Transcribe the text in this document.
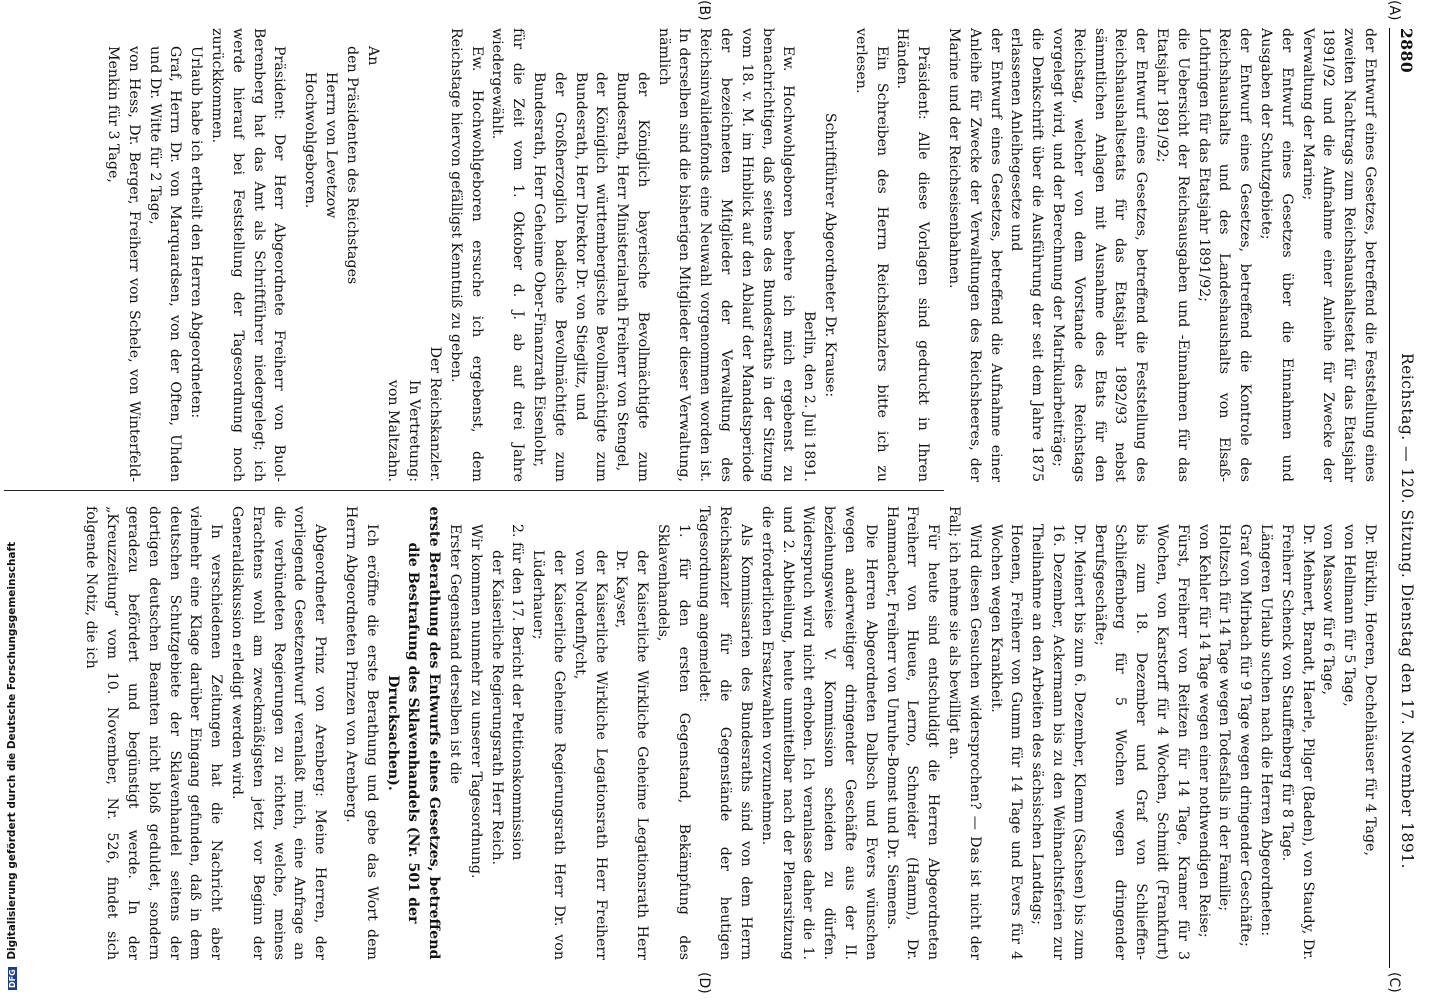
2880
Reichstag. — 120. Sitzung. Dienstag den 17. November 1891.
(A)
(B)
(C)
(D)

der Entwurf eines Gesetzes, betreffend die Feststellung eines zweiten Nachtrags zum Reichshaushaltsetat für das Etatsjahr 1891/92 und die Aufnahme einer Anleihe für Zwecke der Verwaltung der Marine;

der Entwurf eines Gesetzes über die Einnahmen und Ausgaben der Schutzgebiete;

der Entwurf eines Gesetzes, betreffend die Kontrole des Reichshaushalts und des Landeshaushalts von Elsaß-Lothringen für das Etatsjahr 1891/92;

die Uebersicht der Reichsausgaben und -Einnahmen für das Etatsjahr 1891/92;

der Entwurf eines Gesetzes, betreffend die Feststellung des Reichshaushaltsetats für das Etatsjahr 1892/93 nebst sämmtlichen Anlagen mit Ausnahme des Etats für den Reichstag, welcher von dem Vorstande des Reichstags vorgelegt wird, und der Berechnung der Matrikularbeiträge;

die Denkschrift über die Ausführung der seit dem Jahre 1875 erlassenen Anleihegesetze und

der Entwurf eines Gesetzes, betreffend die Aufnahme einer Anleihe für Zwecke der Verwaltungen des Reichsheeres, der Marine und der Reichseisenbahnen.

Präsident: Alle diese Vorlagen sind gedruckt in Ihren Händen.

Ein Schreiben des Herrn Reichskanzlers bitte ich zu verlesen.

Schriftführer Abgeordneter Dr. Krause:

Berlin, den 2. Juli 1891.

Ew. Hochwohlgeboren beehre ich mich ergebenst zu benachrichtigen, daß seitens des Bundesraths in der Sitzung vom 18. v. M. im Hinblick auf den Ablauf der Mandatsperiode der bezeichneten Mitglieder der Verwaltung des Reichsinvalidenfonds eine Neuwahl vorgenommen worden ist. In derselben sind die bisherigen Mitglieder dieser Verwaltung, nämlich

der Königlich bayerische Bevollmächtigte zum Bundesrath, Herr Ministerialrath Freiherr von Stengel,

der Königlich württembergische Bevollmächtigte zum Bundesrath, Herr Direktor Dr. von Stieglitz, und

der Großherzoglich badische Bevollmächtigte zum Bundesrath, Herr Geheime Ober-Finanzrath Eisenlohr,

für die Zeit vom 1. Oktober d. J. ab auf drei Jahre wiedergewählt.

Ew. Hochwohlgeboren ersuche ich ergebenst, dem Reichstage hiervon gefälligst Kenntniß zu geben.

Der Reichskanzler.

In Vertretung:

von Maltzahn.

An

den Präsidenten des Reichstages

Herrn von Levetzow

Hochwohlgeboren.

Präsident: Der Herr Abgeordnete Freiherr von Buol-Berenberg hat das Amt als Schriftführer niedergelegt; ich werde hierauf bei Feststellung der Tagesordnung noch zurückkommen.

Urlaub habe ich ertheilt den Herren Abgeordneten:

Graf, Herrn Dr. von Marquardsen, von der Often, Uhden und Dr. Witte für 2 Tage,

von Hess, Dr. Berger, Freiherr von Schele, von Winterfeld-Menkin für 3 Tage,

Dr. Bürklin, Hoeren, Dechelhäuser für 4 Tage,

von Hellmann für 5 Tage,

von Massow für 6 Tage,

Dr. Mehnert, Brandt, Haerle, Pilger (Baden), von Staudy, Dr. Freiherr Schenck von Stauffenberg für 8 Tage.

Längeren Urlaub suchen nach die Herren Abgeordneten:

Graf von Mirbach für 9 Tage wegen dringender Geschäfte;

Holtzsch für 14 Tage wegen Todesfalls in der Familie;

von Kehler für 14 Tage wegen einer nothwendigen Reise;

Fürst, Freiherr von Reitzen für 14 Tage, Kramer für 3 Wochen, von Karstorff für 4 Wochen, Schmidt (Frankfurt) bis zum 18. Dezember und Graf von Schlieffen-Schlieffenberg für 5 Wochen wegen dringender Berufsgeschäfte;

Dr. Meinert bis zum 6. Dezember, Klemm (Sachsen) bis zum 16. Dezember, Ackermann bis zu den Weihnachtsferien zur Theilnahme an den Arbeiten des sächsischen Landtags;

Hoenen, Freiherr von Gumm für 14 Tage und Evers für 4 Wochen wegen Krankheit.

Wird diesen Gesuchen widersprochen? — Das ist nicht der Fall; ich nehme sie als bewilligt an.

Für heute sind entschuldigt die Herren Abgeordneten Freiherr von Hueue, Lerno, Schneider (Hamm), Dr. Hammacher, Freiherr von Unruhe-Bomst und Dr. Siemens.

Die Herren Abgeordneten Dalbsch und Evers wünschen wegen anderweitiger dringender Geschäfte aus der II. beziehungsweise V. Kommission scheiden zu dürfen. Widerspruch wird nicht erhoben. Ich veranlasse daher die 1. und 2. Abtheilung, heute unmittelbar nach der Plenarsitzung die erforderlichen Ersatzwahlen vorzunehmen.

Als Kommissarien des Bundesraths sind von dem Herrn Reichskanzler für die Gegenstände der heutigen Tagesordnung angemeldet:

1. für den ersten Gegenstand, Bekämpfung des Sklavenhandels,

der Kaiserliche Wirkliche Geheime Legationsrath Herr Dr. Kayser,

der Kaiserliche Wirkliche Legationsrath Herr Freiherr von Nordenflycht,

der Kaiserliche Geheime Regierungsrath Herr Dr. von Lüderhauer;

2. für den 17. Bericht der Petitionskommission

der Kaiserliche Regierungsrath Herr Reich.

Wir kommen nunmehr zu unserer Tagesordnung.

Erster Gegenstand derselben ist die

erste Berathung des Entwurfs eines Gesetzes, betreffend die Bestrafung des Sklavenhandels (Nr. 501 der Drucksachen).

Ich eröffne die erste Berathung und gebe das Wort dem Herrn Abgeordneten Prinzen von Arenberg.

Abgeordneter Prinz von Arenberg: Meine Herren, der vorliegende Gesetzentwurf veranlaßt mich, eine Anfrage an die verbündeten Regierungen zu richten, welche, meines Erachtens wohl am zweckmäßigsten jetzt vor Beginn der Generaldiskussion erledigt werden wird.

In verschiedenen Zeitungen hat die Nachricht aber vielmehr eine Klage darüber Eingang gefunden, daß in dem deutschen Schutzgebiete der Sklavenhandel seitens der dortigen deutschen Beamten nicht bloß geduldet, sondern geradezu befördert und begünstigt werde. In der „Kreuzzeitung“ vom 10. November, Nr. 526, findet sich folgende Notiz, die ich

DFG Digitalisierung gefördert durch die Deutsche Forschungsgemeinschaft
